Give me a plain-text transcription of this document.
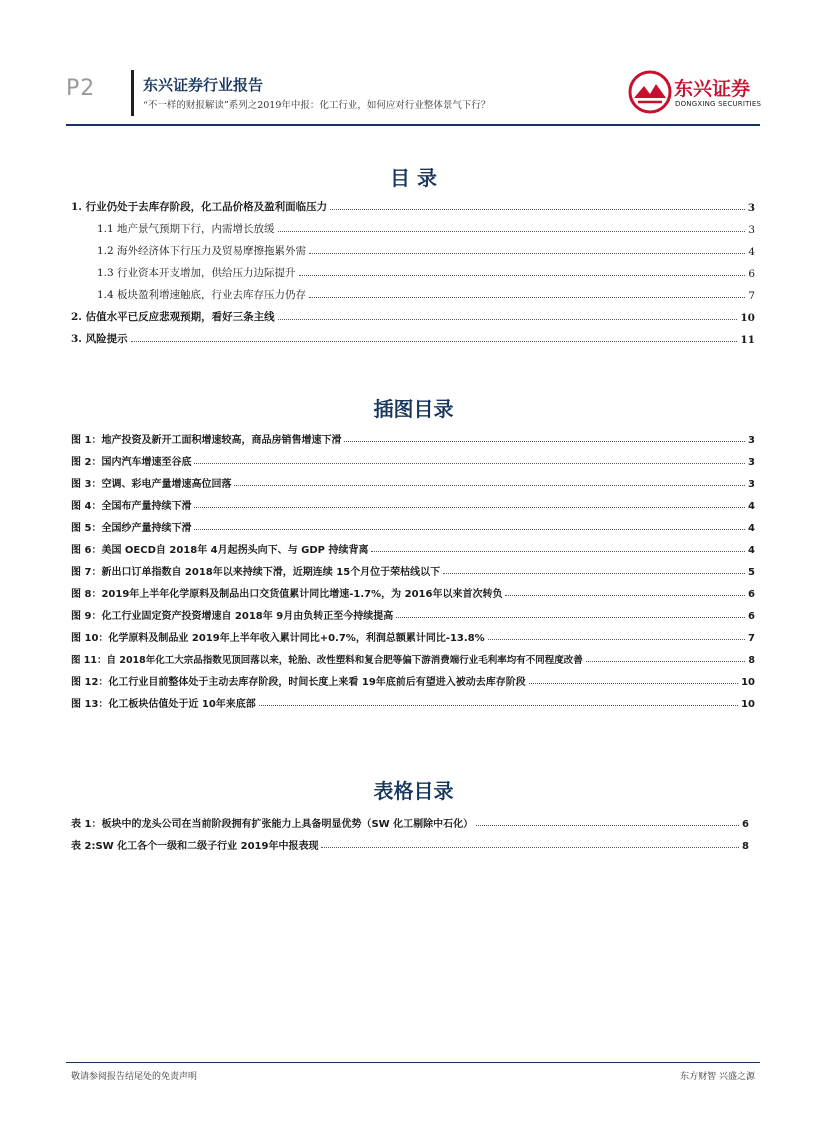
P2	东兴证券行业报告
“不一样的财报解读”系列之2019年中报：化工行业，如何应对行业整体景气下行？
东兴证券
DONGXING SECURITIES
目 录
1. 行业仍处于去库存阶段，化工品价格及盈利面临压力	3
1.1 地产景气预期下行，内需增长放缓	3
1.2 海外经济体下行压力及贸易摩擦拖累外需	4
1.3 行业资本开支增加，供给压力边际提升	6
1.4 板块盈利增速触底，行业去库存压力仍存	7
2. 估值水平已反应悲观预期，看好三条主线	10
3. 风险提示	11
插图目录
图 1：地产投资及新开工面积增速较高，商品房销售增速下滑	3
图 2：国内汽车增速至谷底	3
图 3：空调、彩电产量增速高位回落	3
图 4：全国布产量持续下滑	4
图 5：全国纱产量持续下滑	4
图 6：美国 OECD自 2018年 4月起拐头向下、与 GDP 持续背离	4
图 7：新出口订单指数自 2018年以来持续下滑，近期连续 15个月位于荣枯线以下	5
图 8：2019年上半年化学原料及制品出口交货值累计同比增速-1.7%，为 2016年以来首次转负	6
图 9：化工行业固定资产投资增速自 2018年 9月由负转正至今持续提高	6
图 10：化学原料及制品业 2019年上半年收入累计同比+0.7%，利润总额累计同比-13.8%	7
图 11：自 2018年化工大宗品指数见顶回落以来，轮胎、改性塑料和复合肥等偏下游消费端行业毛利率均有不同程度改善	8
图 12：化工行业目前整体处于主动去库存阶段，时间长度上来看 19年底前后有望进入被动去库存阶段	10
图 13：化工板块估值处于近 10年来底部	10
表格目录
表 1：板块中的龙头公司在当前阶段拥有扩张能力上具备明显优势（SW 化工剔除中石化）	6
表 2:SW 化工各个一级和二级子行业 2019年中报表现	8
敬请参阅报告结尾处的免责声明	东方财智 兴盛之源
